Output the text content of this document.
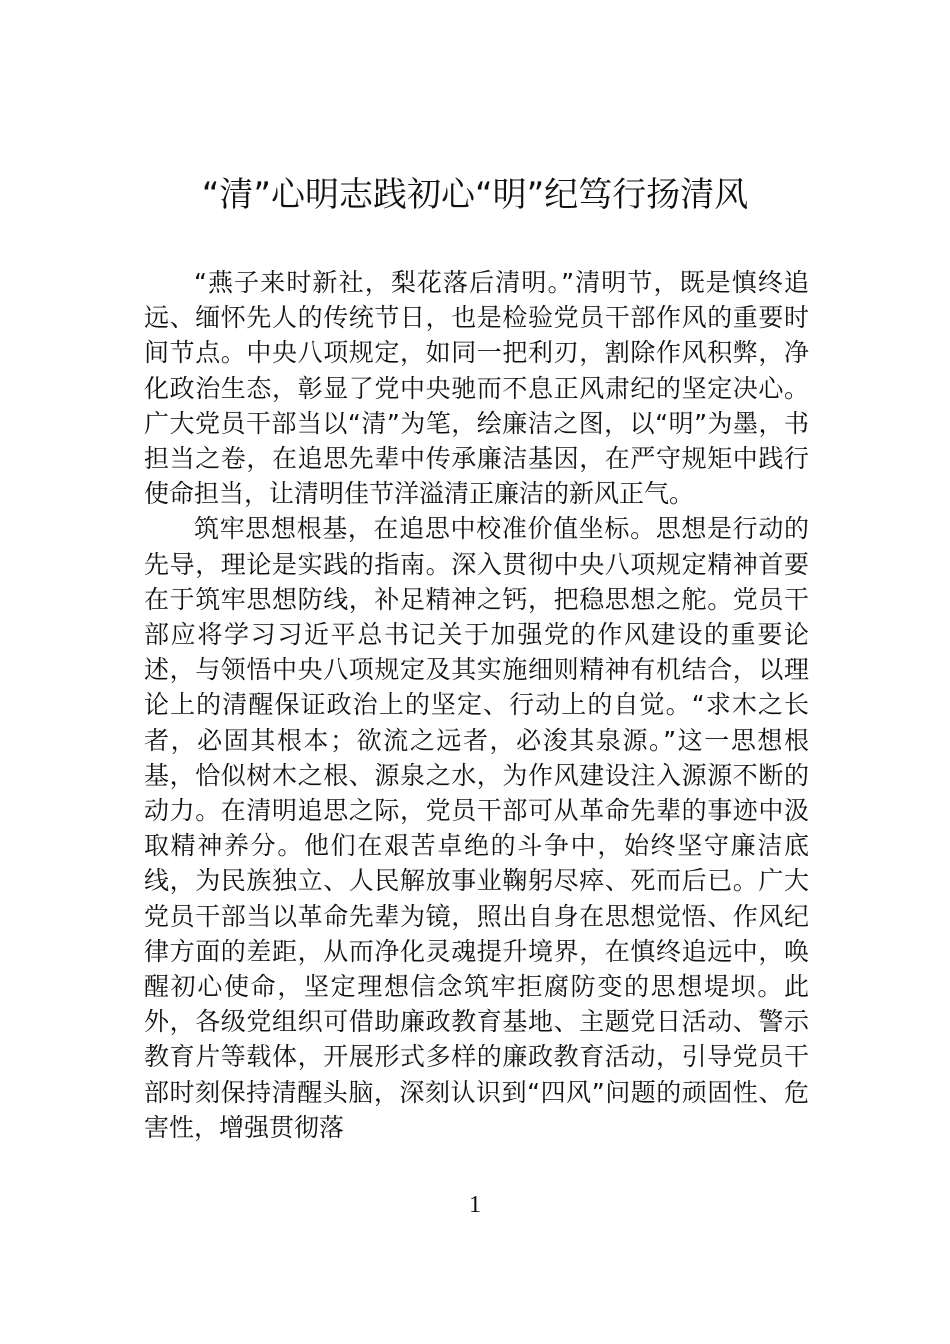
“清”心明志践初心“明”纪笃行扬清风

“燕子来时新社，梨花落后清明。”清明节，既是慎终追远、缅怀先人的传统节日，也是检验党员干部作风的重要时间节点。中央八项规定，如同一把利刃，割除作风积弊，净化政治生态，彰显了党中央驰而不息正风肃纪的坚定决心。广大党员干部当以“清”为笔，绘廉洁之图，以“明”为墨，书担当之卷，在追思先辈中传承廉洁基因，在严守规矩中践行使命担当，让清明佳节洋溢清正廉洁的新风正气。

筑牢思想根基，在追思中校准价值坐标。思想是行动的先导，理论是实践的指南。深入贯彻中央八项规定精神首要在于筑牢思想防线，补足精神之钙，把稳思想之舵。党员干部应将学习习近平总书记关于加强党的作风建设的重要论述，与领悟中央八项规定及其实施细则精神有机结合，以理论上的清醒保证政治上的坚定、行动上的自觉。“求木之长者，必固其根本；欲流之远者，必浚其泉源。”这一思想根基，恰似树木之根、源泉之水，为作风建设注入源源不断的动力。在清明追思之际，党员干部可从革命先辈的事迹中汲取精神养分。他们在艰苦卓绝的斗争中，始终坚守廉洁底线，为民族独立、人民解放事业鞠躬尽瘁、死而后已。广大党员干部当以革命先辈为镜，照出自身在思想觉悟、作风纪律方面的差距，从而净化灵魂提升境界，在慎终追远中，唤醒初心使命，坚定理想信念筑牢拒腐防变的思想堤坝。此外，各级党组织可借助廉政教育基地、主题党日活动、警示教育片等载体，开展形式多样的廉政教育活动，引导党员干部时刻保持清醒头脑，深刻认识到“四风”问题的顽固性、危害性，增强贯彻落

1
